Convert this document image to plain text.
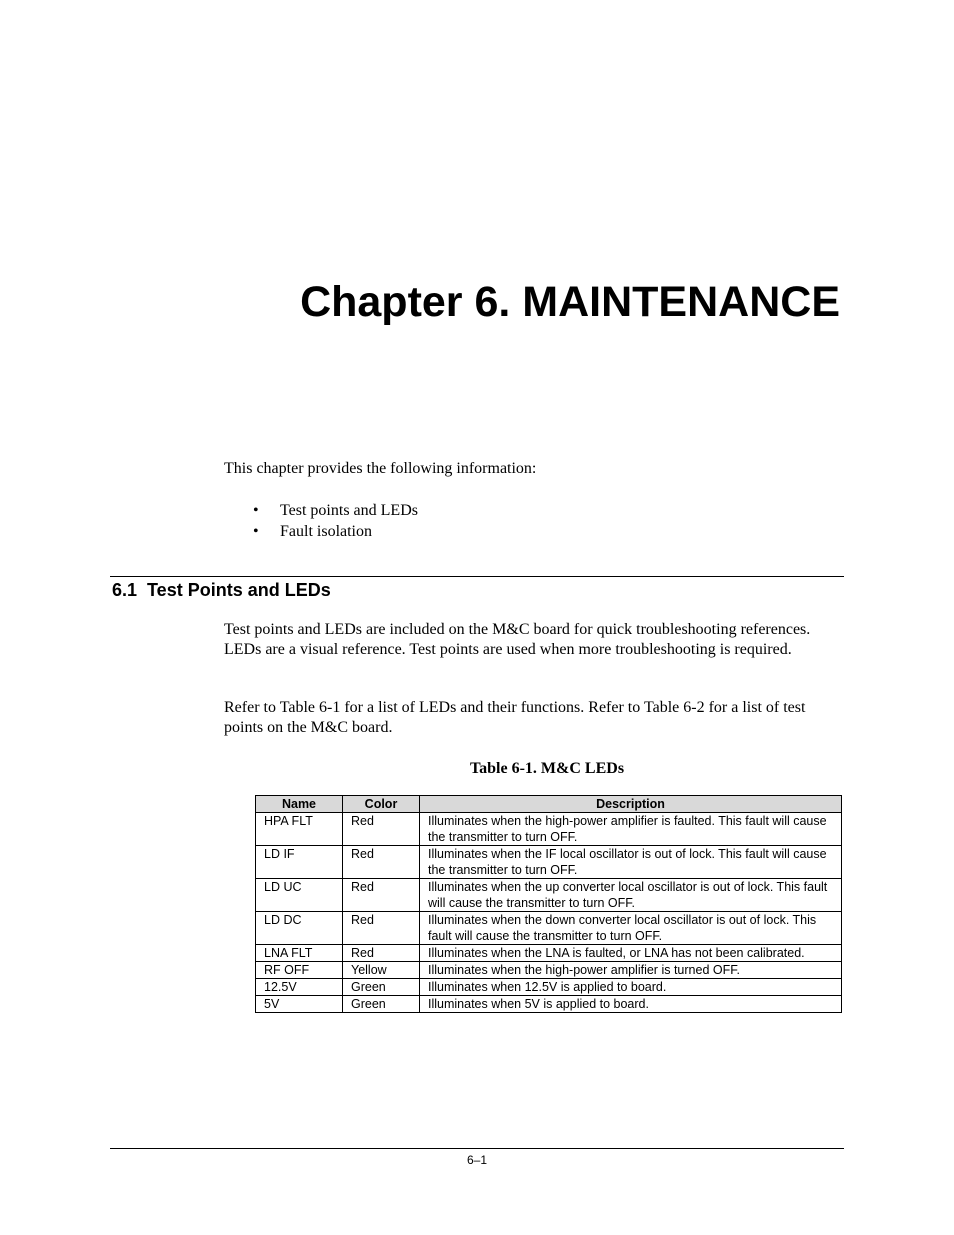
Chapter 6. MAINTENANCE

This chapter provides the following information:

• Test points and LEDs
• Fault isolation
6.1  Test Points and LEDs

Test points and LEDs are included on the M&C board for quick troubleshooting references. LEDs are a visual reference. Test points are used when more troubleshooting is required.

Refer to Table 6-1 for a list of LEDs and their functions. Refer to Table 6-2 for a list of test points on the M&C board.

Table 6-1. M&C LEDs

Name	Color	Description
HPA FLT	Red	Illuminates when the high-power amplifier is faulted. This fault will cause the transmitter to turn OFF.
LD IF	Red	Illuminates when the IF local oscillator is out of lock. This fault will cause the transmitter to turn OFF.
LD UC	Red	Illuminates when the up converter local oscillator is out of lock. This fault will cause the transmitter to turn OFF.
LD DC	Red	Illuminates when the down converter local oscillator is out of lock. This fault will cause the transmitter to turn OFF.
LNA FLT	Red	Illuminates when the LNA is faulted, or LNA has not been calibrated.
RF OFF	Yellow	Illuminates when the high-power amplifier is turned OFF.
12.5V	Green	Illuminates when 12.5V is applied to board.
5V	Green	Illuminates when 5V is applied to board.

6–1
